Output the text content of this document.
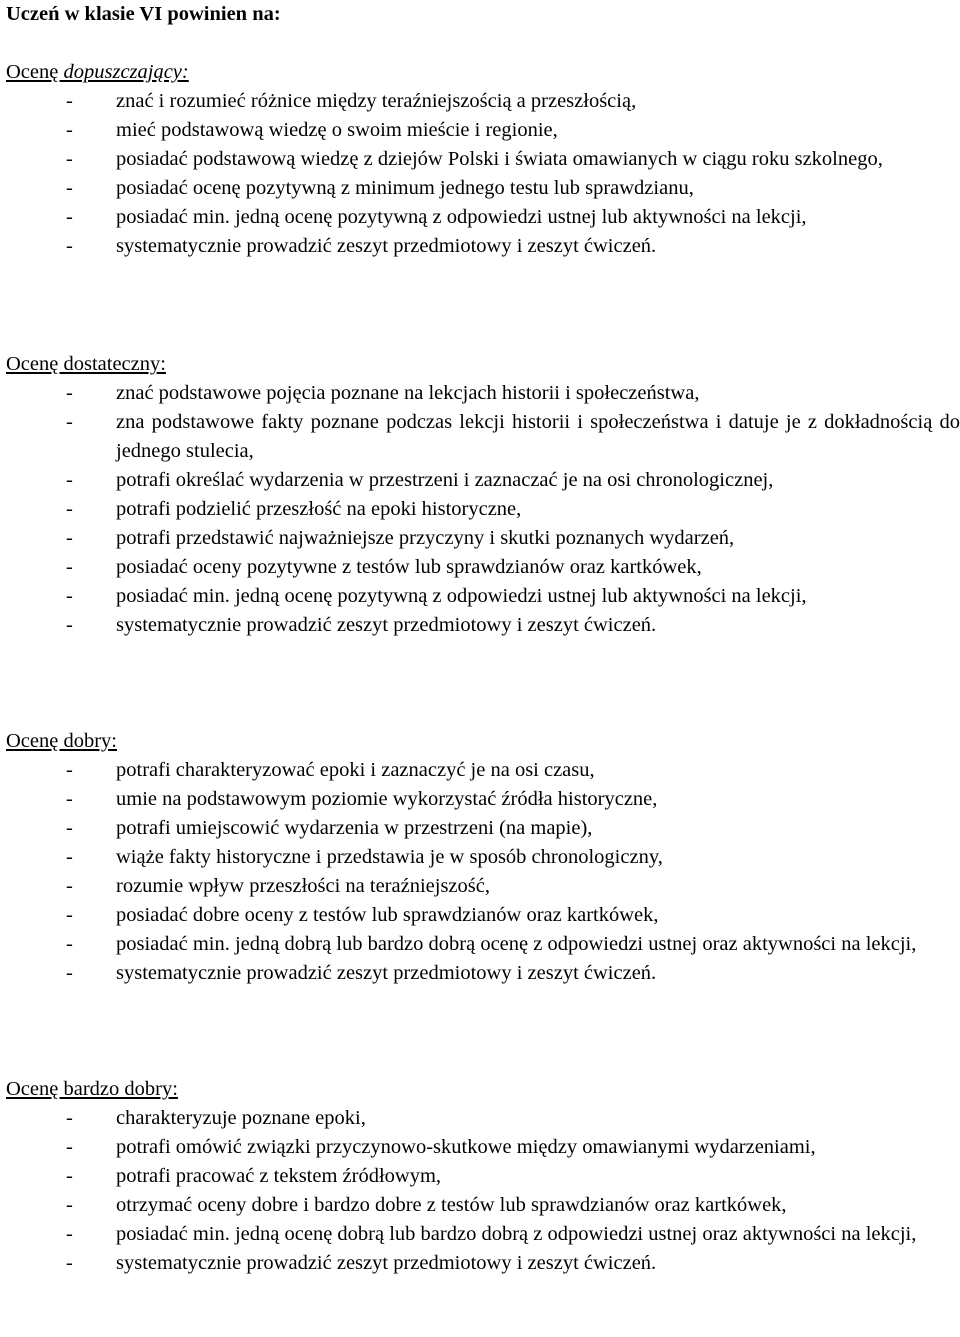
Uczeń w klasie VI powinien na:
Ocenę dopuszczający:
- znać i rozumieć różnice między teraźniejszością a przeszłością,
- mieć podstawową wiedzę o swoim mieście i regionie,
- posiadać podstawową wiedzę z dziejów Polski i świata omawianych w ciągu roku szkolnego,
- posiadać ocenę pozytywną z minimum jednego testu lub sprawdzianu,
- posiadać min. jedną ocenę pozytywną z odpowiedzi ustnej lub aktywności na lekcji,
- systematycznie prowadzić zeszyt przedmiotowy i zeszyt ćwiczeń.
Ocenę dostateczny:
- znać podstawowe pojęcia poznane na lekcjach historii i społeczeństwa,
- zna podstawowe fakty poznane podczas lekcji historii i społeczeństwa i datuje je z dokładnością do jednego stulecia,
- potrafi określać wydarzenia w przestrzeni i zaznaczać je na osi chronologicznej,
- potrafi podzielić przeszłość na epoki historyczne,
- potrafi przedstawić najważniejsze przyczyny i skutki poznanych wydarzeń,
- posiadać oceny pozytywne z testów lub sprawdzianów oraz kartkówek,
- posiadać min. jedną ocenę pozytywną z odpowiedzi ustnej lub aktywności na lekcji,
- systematycznie prowadzić zeszyt przedmiotowy i zeszyt ćwiczeń.
Ocenę dobry:
- potrafi charakteryzować epoki i zaznaczyć je na osi czasu,
- umie na podstawowym poziomie wykorzystać źródła historyczne,
- potrafi umiejscowić wydarzenia w przestrzeni (na mapie),
- wiąże fakty historyczne i przedstawia je w sposób chronologiczny,
- rozumie wpływ przeszłości na teraźniejszość,
- posiadać dobre oceny z testów lub sprawdzianów oraz kartkówek,
- posiadać min. jedną dobrą lub bardzo dobrą ocenę z odpowiedzi ustnej oraz aktywności na lekcji,
- systematycznie prowadzić zeszyt przedmiotowy i zeszyt ćwiczeń.
Ocenę bardzo dobry:
- charakteryzuje poznane epoki,
- potrafi omówić związki przyczynowo-skutkowe między omawianymi wydarzeniami,
- potrafi pracować z tekstem źródłowym,
- otrzymać oceny dobre i bardzo dobre z testów lub sprawdzianów oraz kartkówek,
- posiadać min. jedną ocenę dobrą lub bardzo dobrą z odpowiedzi ustnej oraz aktywności na lekcji,
- systematycznie prowadzić zeszyt przedmiotowy i zeszyt ćwiczeń.
